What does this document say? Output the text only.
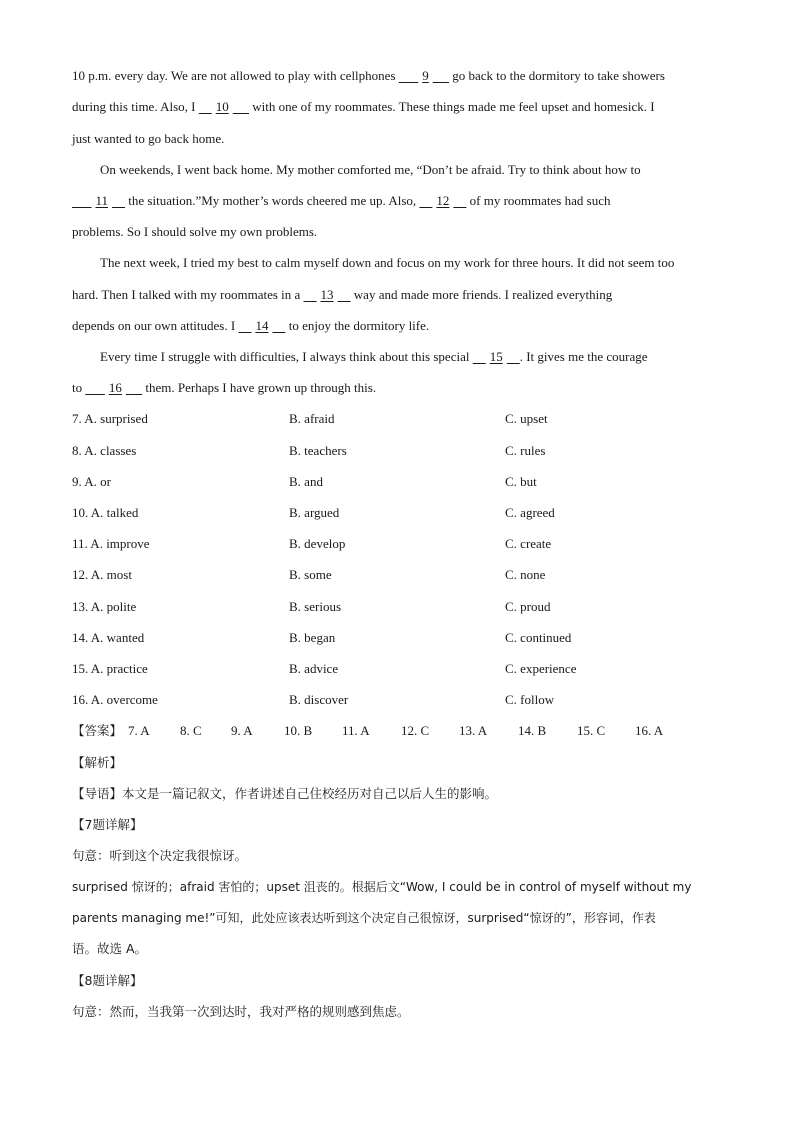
10 p.m. every day. We are not allowed to play with cellphones ​      9      go back to the dormitory to take showers
during this time. Also, I     10      with one of my roommates. These things made me feel upset and homesick. I
just wanted to go back home.
On weekends, I went back home. My mother comforted me, “Don’t be afraid. Try to think about how to
11     the situation.”My mother’s words cheered me up. Also,     12     of my roommates had such
problems. So I should solve my own problems.
The next week, I tried my best to calm myself down and focus on my work for three hours. It did not seem too
hard. Then I talked with my roommates in a     13     way and made more friends. I realized everything
depends on our own attitudes. I     14     to enjoy the dormitory life.
Every time I struggle with difficulties, I always think about this special     15 . It gives me the courage
to       16      them. Perhaps I have grown up through this.
7. A. surprised	B. afraid	C. upset
8. A. classes	B. teachers	C. rules
9. A. or	B. and	C. but
10. A. talked	B. argued	C. agreed
11. A. improve	B. develop	C. create
12. A. most	B. some	C. none
13. A. polite	B. serious	C. proud
14. A. wanted	B. began	C. continued
15. A. practice	B. advice	C. experience
16. A. overcome	B. discover	C. follow
【答案】 7. A 8. C 9. A 10. B 11. A 12. C 13. A 14. B 15. C 16. A
【解析】
【导语】本文是一篇记叙文，作者讲述自己住校经历对自己以后人生的影响。
【7题详解】
句意：听到这个决定我很惊讶。
surprised 惊讶的；afraid 害怕的；upset 沮丧的。根据后文“Wow, I could be in control of myself without my
parents managing me!”可知，此处应该表达听到这个决定自己很惊讶，surprised“惊讶的”，形容词，作表
语。故选 A。
【8题详解】
句意：然而，当我第一次到达时，我对严格的规则感到焦虑。
